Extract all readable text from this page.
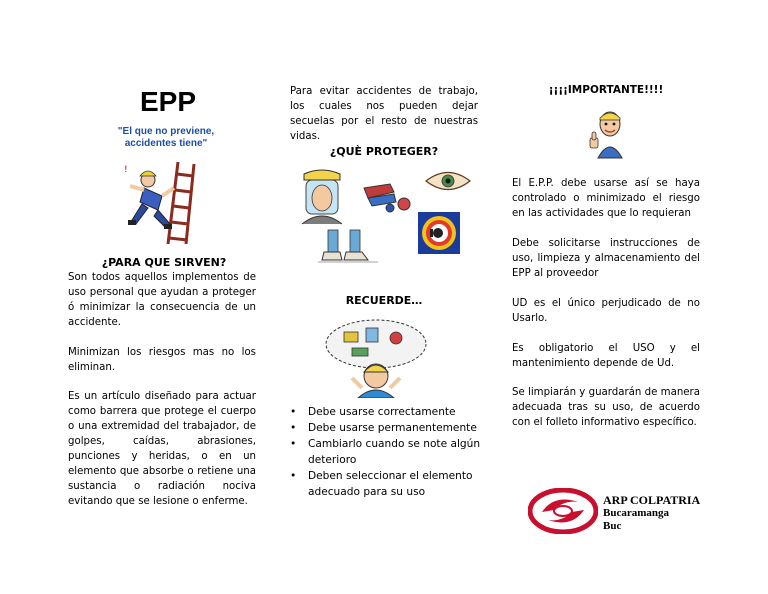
EPP
"El que no previene, accidentes tiene"
!
¿PARA QUE SIRVEN?
Son todos aquellos implementos de uso personal que ayudan a proteger ó minimizar la consecuencia de un accidente.
Minimizan los riesgos mas no los eliminan.
Es un artículo diseñado para actuar como barrera que protege el cuerpo o una extremidad del trabajador, de golpes, caídas, abrasiones, punciones y heridas, o en un elemento que absorbe o retiene una sustancia o radiación nociva evitando que se lesione o enferme.
Para evitar accidentes de trabajo, los cuales nos pueden dejar secuelas por el resto de nuestras vidas.
¿QUÈ PROTEGER?
RECUERDE…
• Debe usarse correctamente
• Debe usarse permanentemente
• Cambiarlo cuando se note algún deterioro
• Deben seleccionar el elemento adecuado para su uso
¡¡¡¡IMPORTANTE!!!!
El E.P.P. debe usarse así se haya controlado o minimizado el riesgo en las actividades que lo requieran
Debe solicitarse instrucciones de uso, limpieza y almacenamiento del EPP al proveedor
UD es el único perjudicado de no Usarlo.
Es obligatorio el USO y el mantenimiento depende de Ud.
Se limpiarán y guardarán de manera adecuada tras su uso, de acuerdo con el folleto informativo específico.
ARP COLPATRIA
Bucaramanga
Buc
